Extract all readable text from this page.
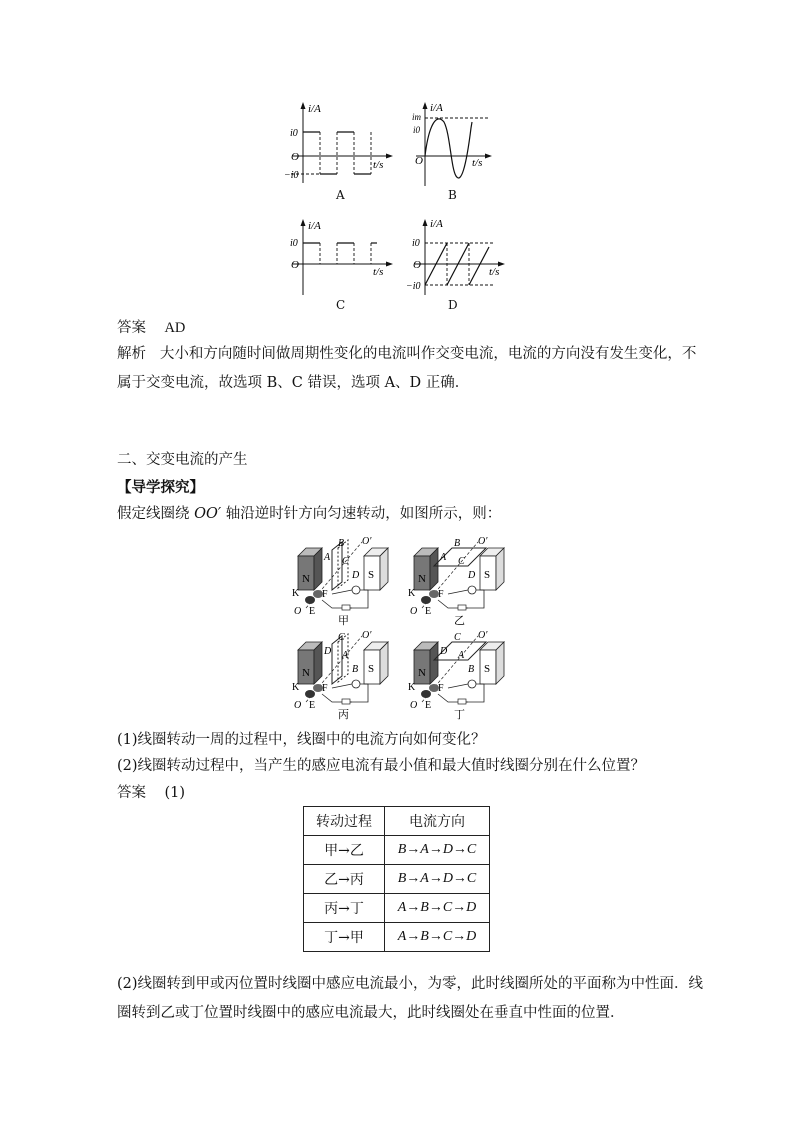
i/A
i0
O
−i0
t/s
A
i/A
im
i0
O	t/s
B
i/A
i0
O
t/s
C
i/A
i0
O
−i0
t/s
D
答案 AD
解析 大小和方向随时间做周期性变化的电流叫作交变电流，电流的方向没有发生变化，不
属于交变电流，故选项 B、C 错误，选项 A、D 正确．
二、交变电流的产生
【导学探究】
假定线圈绕 OO′ 轴沿逆时针方向匀速转动，如图所示，则：
N	S
K
O E
F
O′
B
A
D
C
甲
N	S
K
O E
F
O′
B
A
D
C
乙
N	S
K
O E
F
O′
C
D
B
A
丙
N	S
K
O E
F
O′
C
D
B
A
丁
(1)线圈转动一周的过程中，线圈中的电流方向如何变化？
(2)线圈转动过程中，当产生的感应电流有最小值和最大值时线圈分别在什么位置？
答案 (1)
转动过程	电流方向
甲→乙	B→A→D→C
乙→丙	B→A→D→C
丙→丁	A→B→C→D
丁→甲	A→B→C→D
(2)线圈转到甲或丙位置时线圈中感应电流最小，为零，此时线圈所处的平面称为中性面．线
圈转到乙或丁位置时线圈中的感应电流最大，此时线圈处在垂直中性面的位置．
